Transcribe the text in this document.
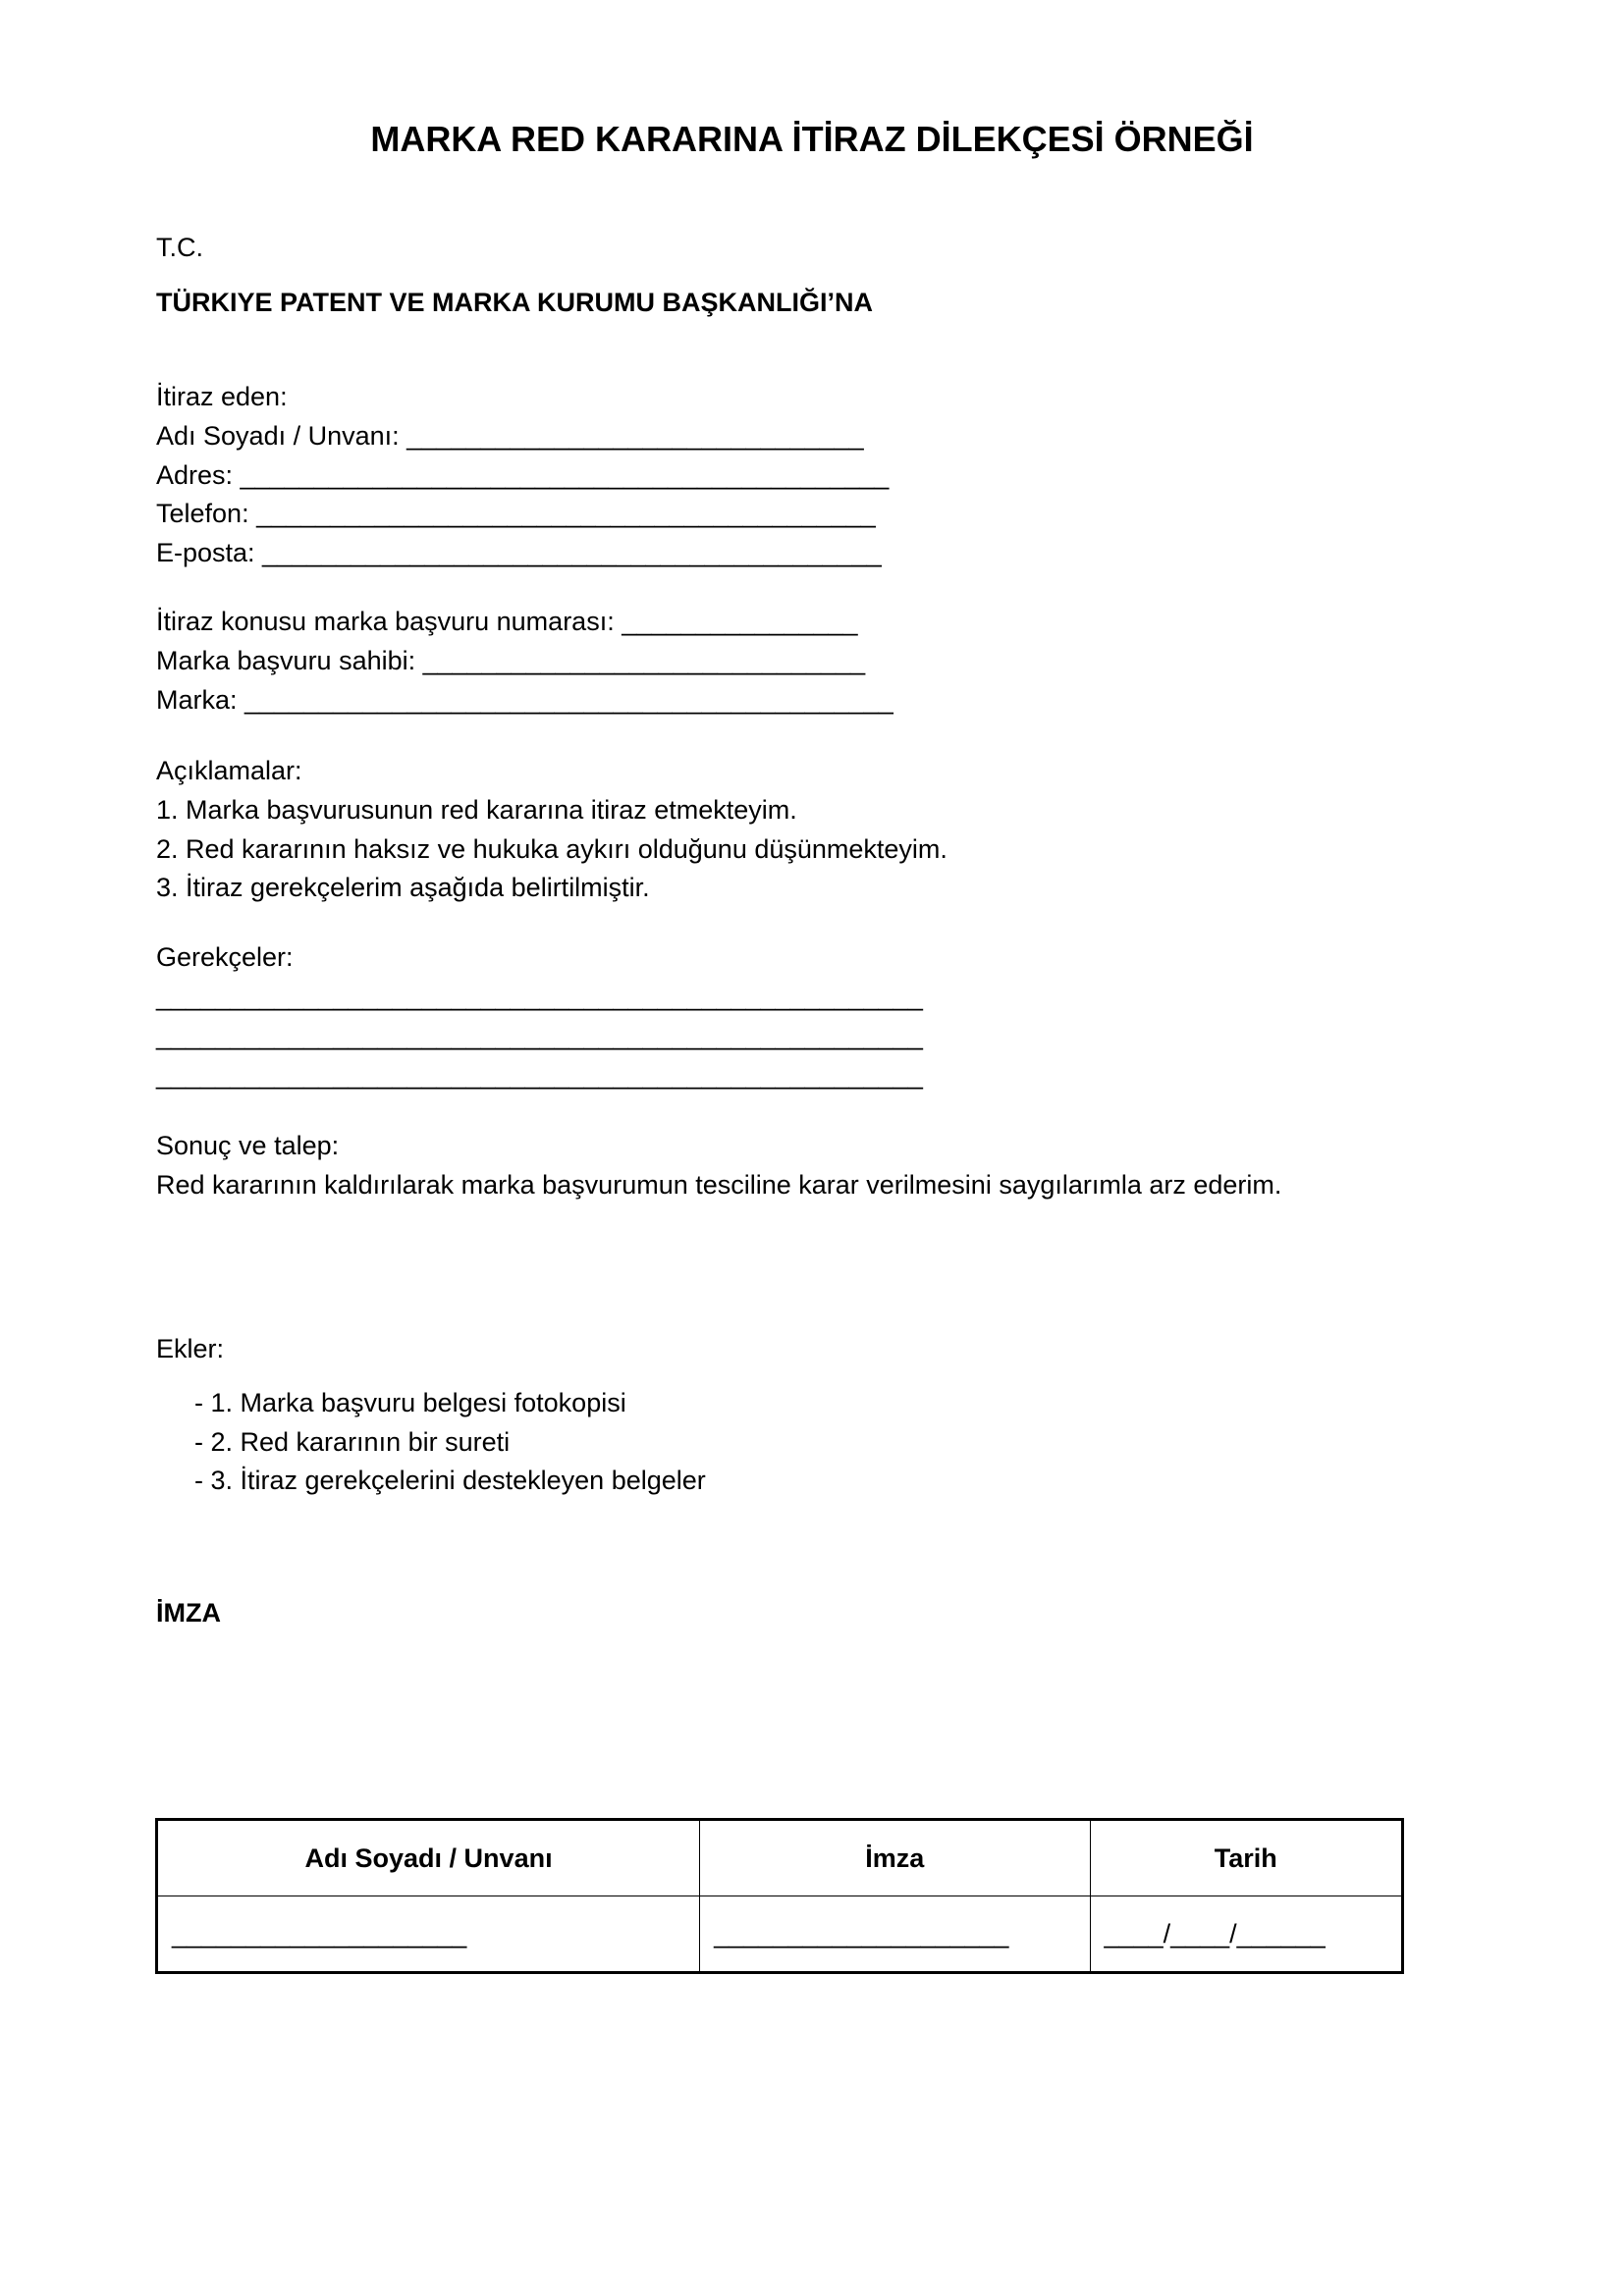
MARKA RED KARARINA İTİRAZ DİLEKÇESİ ÖRNEĞİ
T.C.
TÜRKIYE PATENT VE MARKA KURUMU BAŞKANLIĞI’NA
İtiraz eden:
Adı Soyadı / Unvanı: _______________________________
Adres: ____________________________________________
Telefon: __________________________________________
E-posta: __________________________________________
İtiraz konusu marka başvuru numarası: ________________
Marka başvuru sahibi: ______________________________
Marka: ____________________________________________
Açıklamalar:
1. Marka başvurusunun red kararına itiraz etmekteyim.
2. Red kararının haksız ve hukuka aykırı olduğunu düşünmekteyim.
3. İtiraz gerekçelerim aşağıda belirtilmiştir.
Gerekçeler:
____________________________________________________
____________________________________________________
____________________________________________________
Sonuç ve talep:
Red kararının kaldırılarak marka başvurumun tesciline karar verilmesini saygılarımla arz ederim.
Ekler:
- 1. Marka başvuru belgesi fotokopisi
- 2. Red kararının bir sureti
- 3. İtiraz gerekçelerini destekleyen belgeler
İMZA
Adı Soyadı / Unvanı	İmza	Tarih
____________________	____________________	____/____/______
